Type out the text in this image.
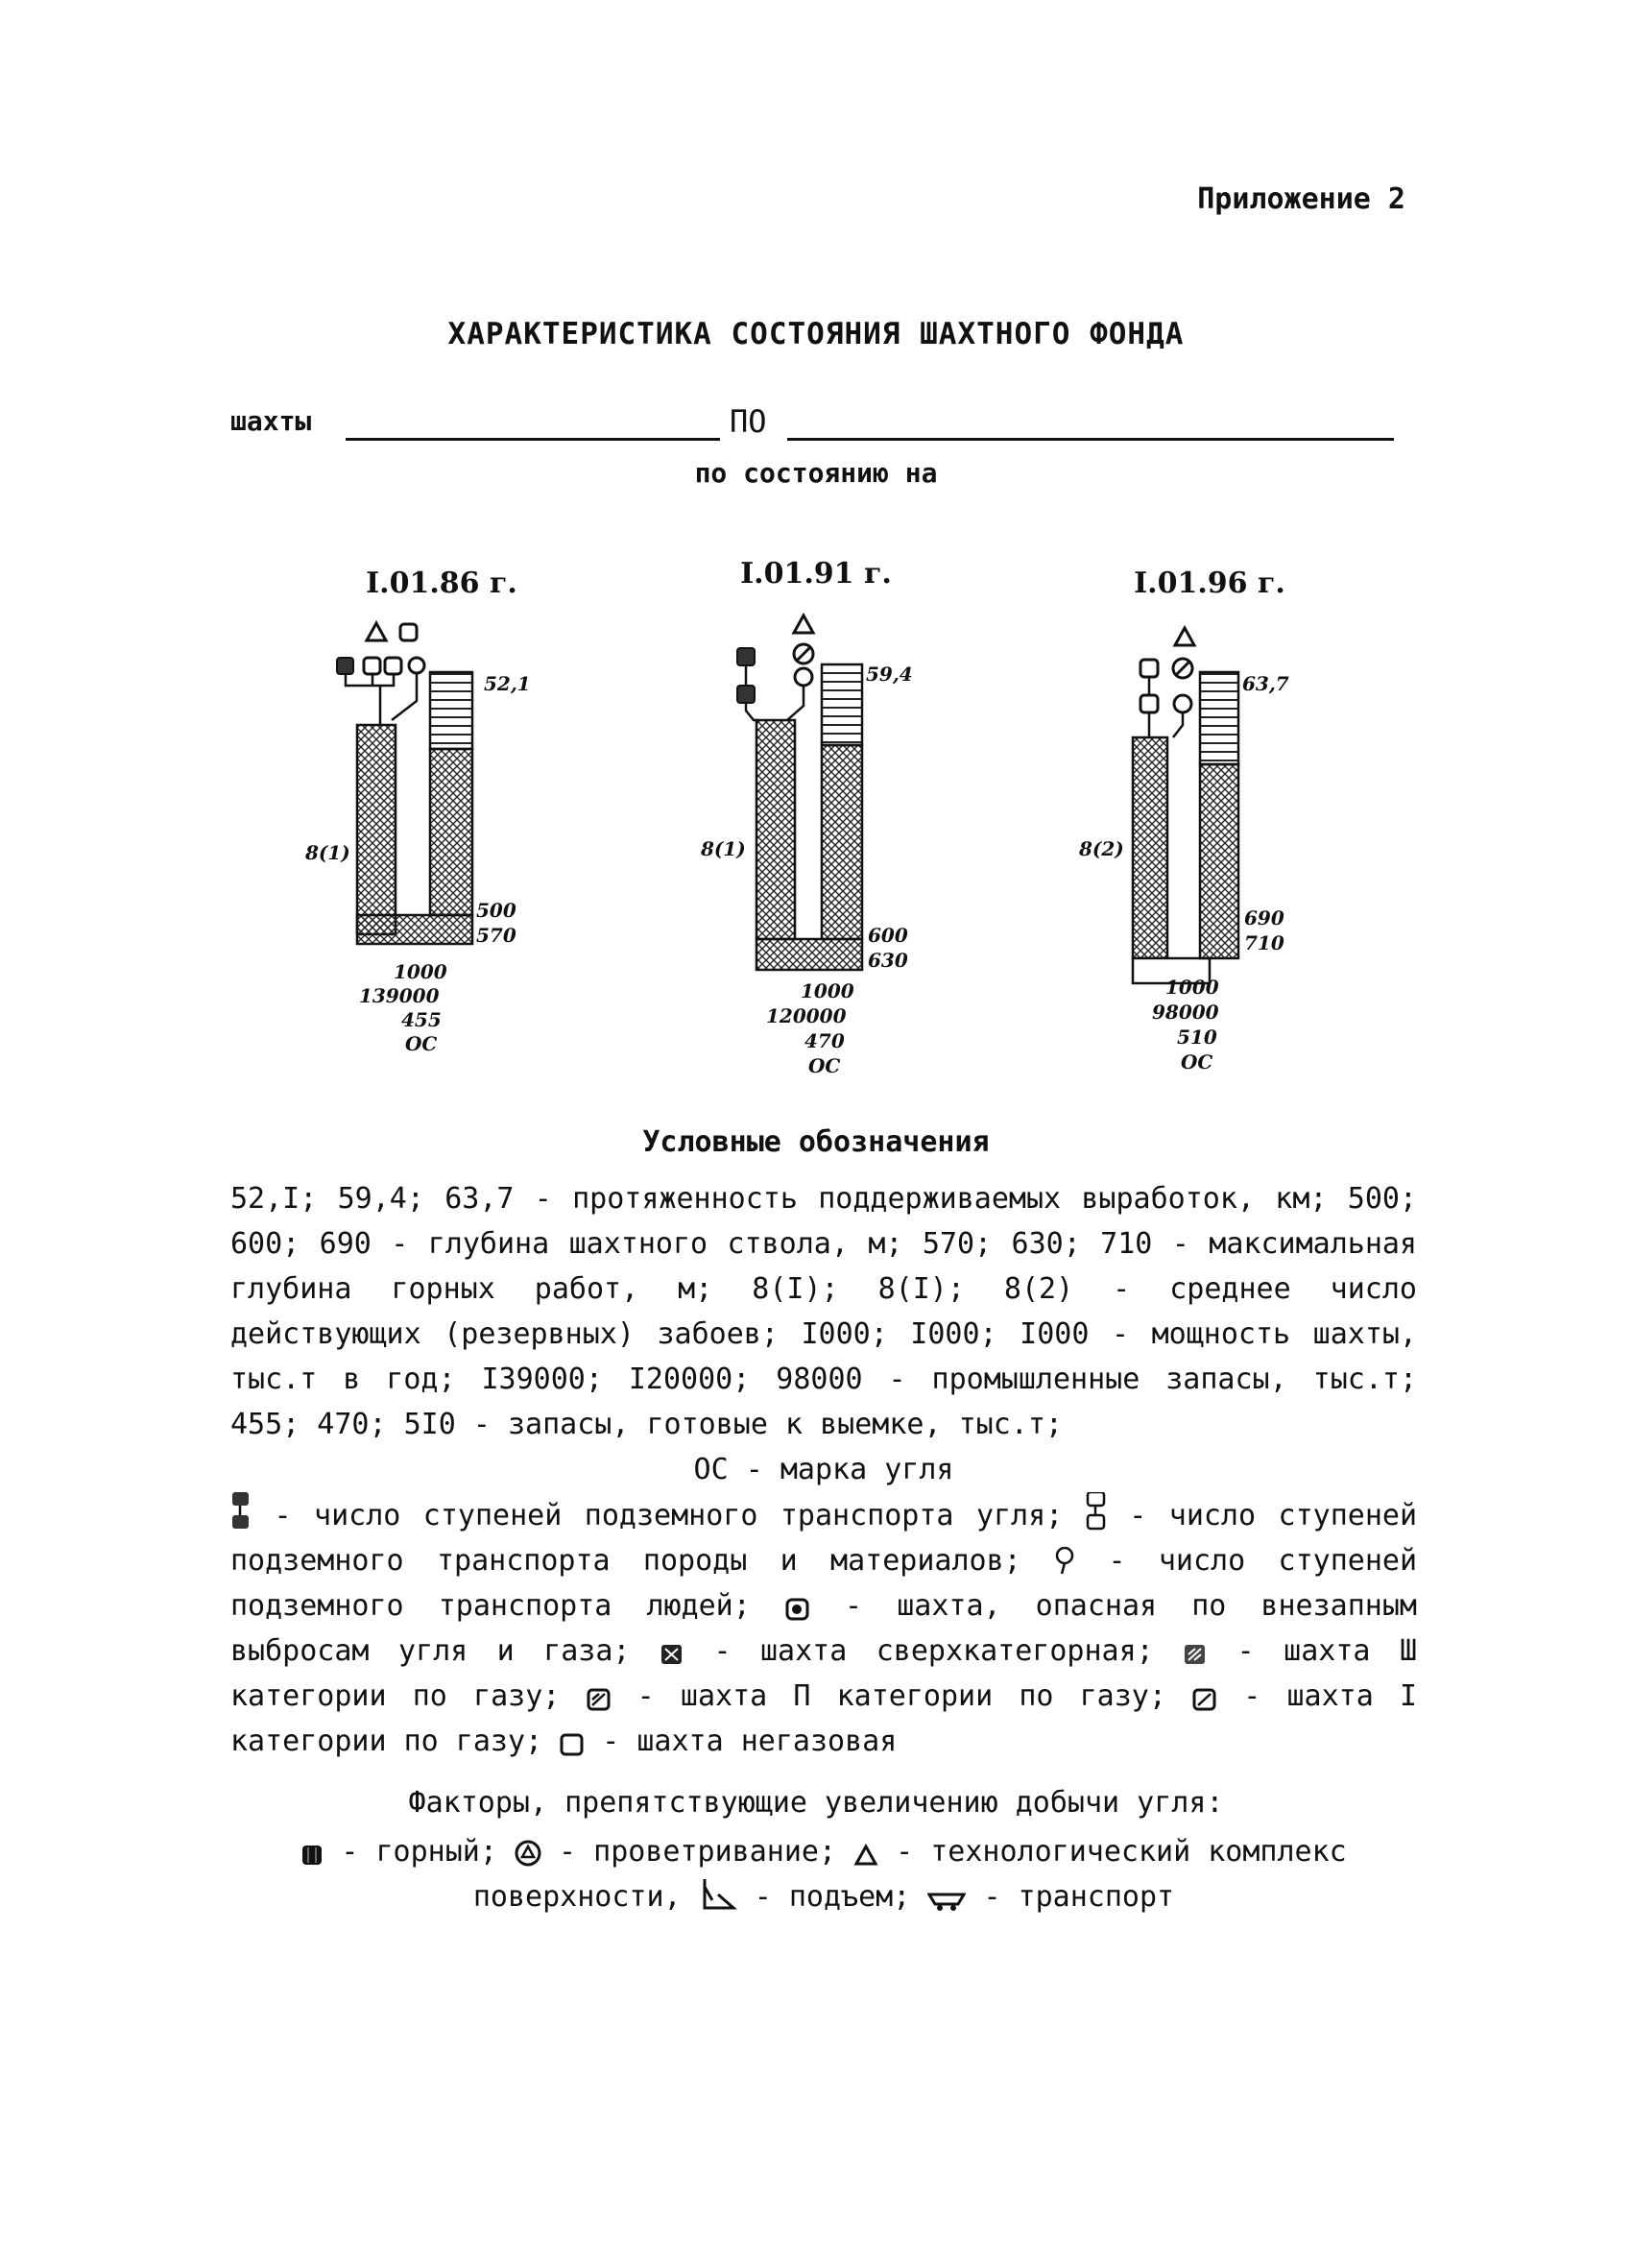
Приложение 2
ХАРАКТЕРИСТИКА СОСТОЯНИЯ ШАХТНОГО ФОНДА
шахты	ПО
по состоянию на
I.01.86 г.
52,1
8(1)
500
570
1000
139000
455
ОС
I.01.91 г.
59,4
8(1)
600
630
1000
120000
470
ОС
I.01.96 г.
63,7
8(2)
690
710
1000
98000
510
ОС
Условные обозначения

52,I; 59,4; 63,7 - протяженность поддерживаемых выработок, км; 500; 600; 690 - глубина шахтного ствола, м; 570; 630; 710 - максимальная глубина горных работ, м; 8(I); 8(I); 8(2) - среднее число действующих (резервных) забоев; I000; I000; I000 - мощность шахты, тыс.т в год; I39000; I20000; 98000 - промышленные запасы, тыс.т; 455; 470; 5I0 - запасы, готовые к выемке, тыс.т;

ОС - марка угля

- число ступеней подземного транспорта угля; - число ступеней подземного транспорта породы и материалов;	- число ступеней подземного транспорта людей;	- шахта, опасная по внезапным выбросам угля и газа;	- шахта сверхкатегорная;	- шахта Ш категории по газу;	- шахта П категории по газу;	- шахта I категории по газу; - шахта негазовая

Факторы, препятствующие увеличению добычи угля:
- горный; - проветривание; - технологический комплекс поверхности,	- подъем;	- транспорт
